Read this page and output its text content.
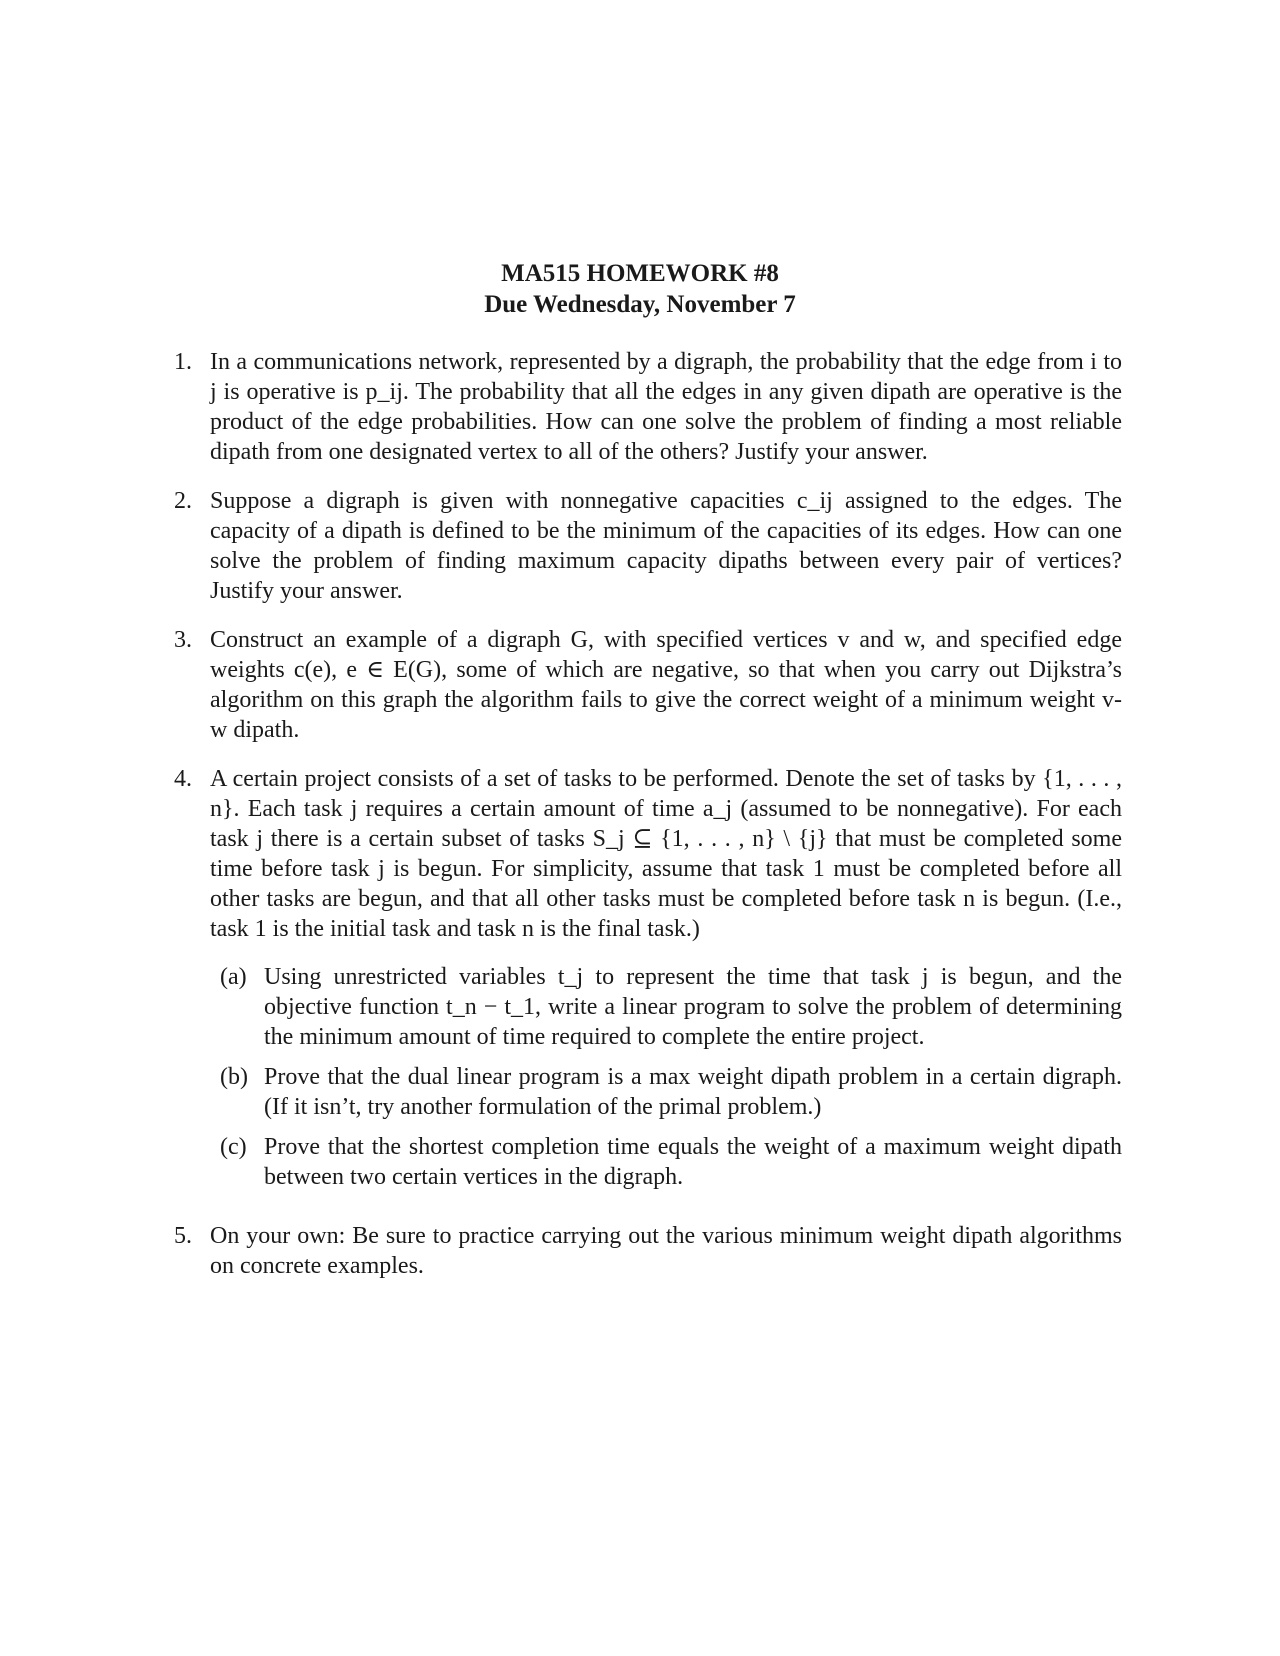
MA515 HOMEWORK #8
Due Wednesday, November 7
1. In a communications network, represented by a digraph, the probability that the edge from i to j is operative is p_ij. The probability that all the edges in any given dipath are operative is the product of the edge probabilities. How can one solve the problem of finding a most reliable dipath from one designated vertex to all of the others? Justify your answer.
2. Suppose a digraph is given with nonnegative capacities c_ij assigned to the edges. The capacity of a dipath is defined to be the minimum of the capacities of its edges. How can one solve the problem of finding maximum capacity dipaths between every pair of vertices? Justify your answer.
3. Construct an example of a digraph G, with specified vertices v and w, and specified edge weights c(e), e ∈ E(G), some of which are negative, so that when you carry out Dijkstra’s algorithm on this graph the algorithm fails to give the correct weight of a minimum weight v-w dipath.
4. A certain project consists of a set of tasks to be performed. Denote the set of tasks by {1, . . . , n}. Each task j requires a certain amount of time a_j (assumed to be nonnegative). For each task j there is a certain subset of tasks S_j ⊆ {1, . . . , n} \ {j} that must be completed some time before task j is begun. For simplicity, assume that task 1 must be completed before all other tasks are begun, and that all other tasks must be completed before task n is begun. (I.e., task 1 is the initial task and task n is the final task.)
(a) Using unrestricted variables t_j to represent the time that task j is begun, and the objective function t_n − t_1, write a linear program to solve the problem of determining the minimum amount of time required to complete the entire project.
(b) Prove that the dual linear program is a max weight dipath problem in a certain digraph. (If it isn’t, try another formulation of the primal problem.)
(c) Prove that the shortest completion time equals the weight of a maximum weight dipath between two certain vertices in the digraph.
5. On your own: Be sure to practice carrying out the various minimum weight dipath algorithms on concrete examples.
